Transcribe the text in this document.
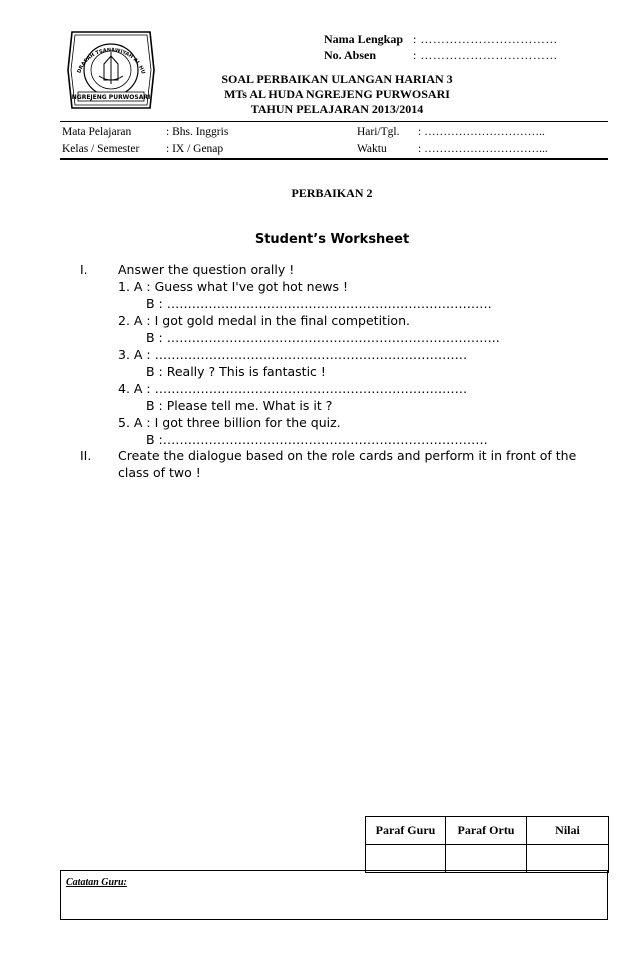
DRASAH TSANAWIYAH AL HU
NGREJENG PURWOSARI
Nama Lengkap : ……………………………
No. Absen	: ……………………………
SOAL PERBAIKAN ULANGAN HARIAN 3
MTs AL HUDA NGREJENG PURWOSARI
TAHUN PELAJARAN 2013/2014
Mata Pelajaran	: Bhs. Inggris	Hari/Tgl. : …………………………..
Kelas / Semester : IX / Genap	Waktu	: …………………………...
PERBAIKAN 2
Student’s Worksheet
I. Answer the question orally !
1. A : Guess what I've got hot news !
B : ……………………………………………………………………
2. A : I got gold medal in the final competition.
B : ……………………………………………………………………..
3. A : …………………………………………………………………
B : Really ? This is fantastic !
4. A : …………………………………………………………………
B : Please tell me. What is it ?
5. A : I got three billion for the quiz.
B :……………………………………………………………………
II. Create the dialogue based on the role cards and perform it in front of the
class of two !
Paraf Guru	Paraf Ortu	Nilai

Catatan Guru:
